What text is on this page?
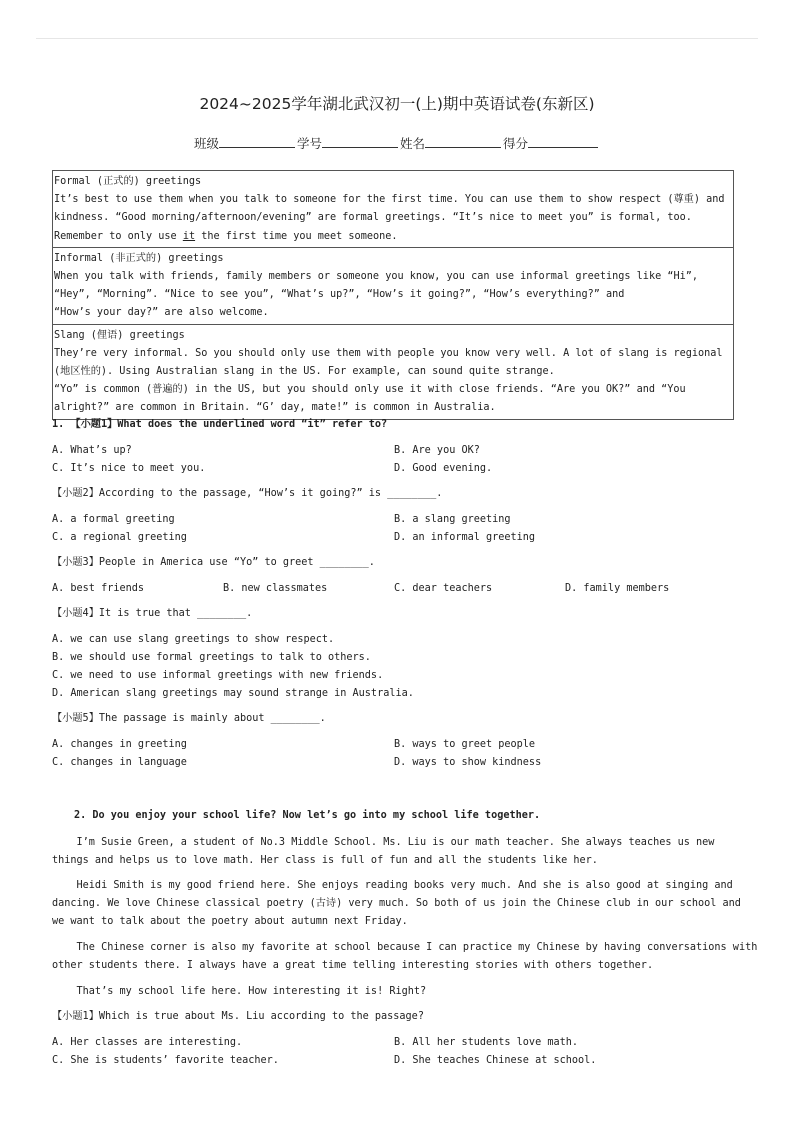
2024~2025学年湖北武汉初一(上)期中英语试卷(东新区)
班级	学号	姓名	得分
Formal (正式的) greetings
It’s best to use them when you talk to someone for the first time. You can use them to show respect (尊重) and
kindness. “Good morning/afternoon/evening” are formal greetings. “It’s nice to meet you” is formal, too.
Remember to only use it the first time you meet someone.

Informal (非正式的) greetings
When you talk with friends, family members or someone you know, you can use informal greetings like “Hi”,
“Hey”, “Morning”. “Nice to see you”, “What’s up?”, “How’s it going?”, “How’s everything?” and
“How’s your day?” are also welcome.

Slang (俚语) greetings
They’re very informal. So you should only use them with people you know very well. A lot of slang is regional
(地区性的). Using Australian slang in the US. For example, can sound quite strange.
“Yo” is common (普遍的) in the US, but you should only use it with close friends. “Are you OK?” and “You
alright?” are common in Britain. “G’ day, mate!” is common in Australia.
1. 【小题1】What does the underlined word “it” refer to?
A. What’s up?	B. Are you OK?
C. It’s nice to meet you.	D. Good evening.
【小题2】According to the passage, “How’s it going?” is ________.
A. a formal greeting	B. a slang greeting
C. a regional greeting	D. an informal greeting
【小题3】People in America use “Yo” to greet ________.
A. best friends	B. new classmates	C. dear teachers	D. family members
【小题4】It is true that ________.
A. we can use slang greetings to show respect.
B. we should use formal greetings to talk to others.
C. we need to use informal greetings with new friends.
D. American slang greetings may sound strange in Australia.
【小题5】The passage is mainly about ________.
A. changes in greeting	B. ways to greet people
C. changes in language	D. ways to show kindness
2. Do you enjoy your school life? Now let’s go into my school life together.
I’m Susie Green, a student of No.3 Middle School. Ms. Liu is our math teacher. She always teaches us new
things and helps us to love math. Her class is full of fun and all the students like her.
Heidi Smith is my good friend here. She enjoys reading books very much. And she is also good at singing and
dancing. We love Chinese classical poetry (古诗) very much. So both of us join the Chinese club in our school and
we want to talk about the poetry about autumn next Friday.
The Chinese corner is also my favorite at school because I can practice my Chinese by having conversations with
other students there. I always have a great time telling interesting stories with others together.
That’s my school life here. How interesting it is! Right?
【小题1】Which is true about Ms. Liu according to the passage?
A. Her classes are interesting.	B. All her students love math.
C. She is students’ favorite teacher.	D. She teaches Chinese at school.
